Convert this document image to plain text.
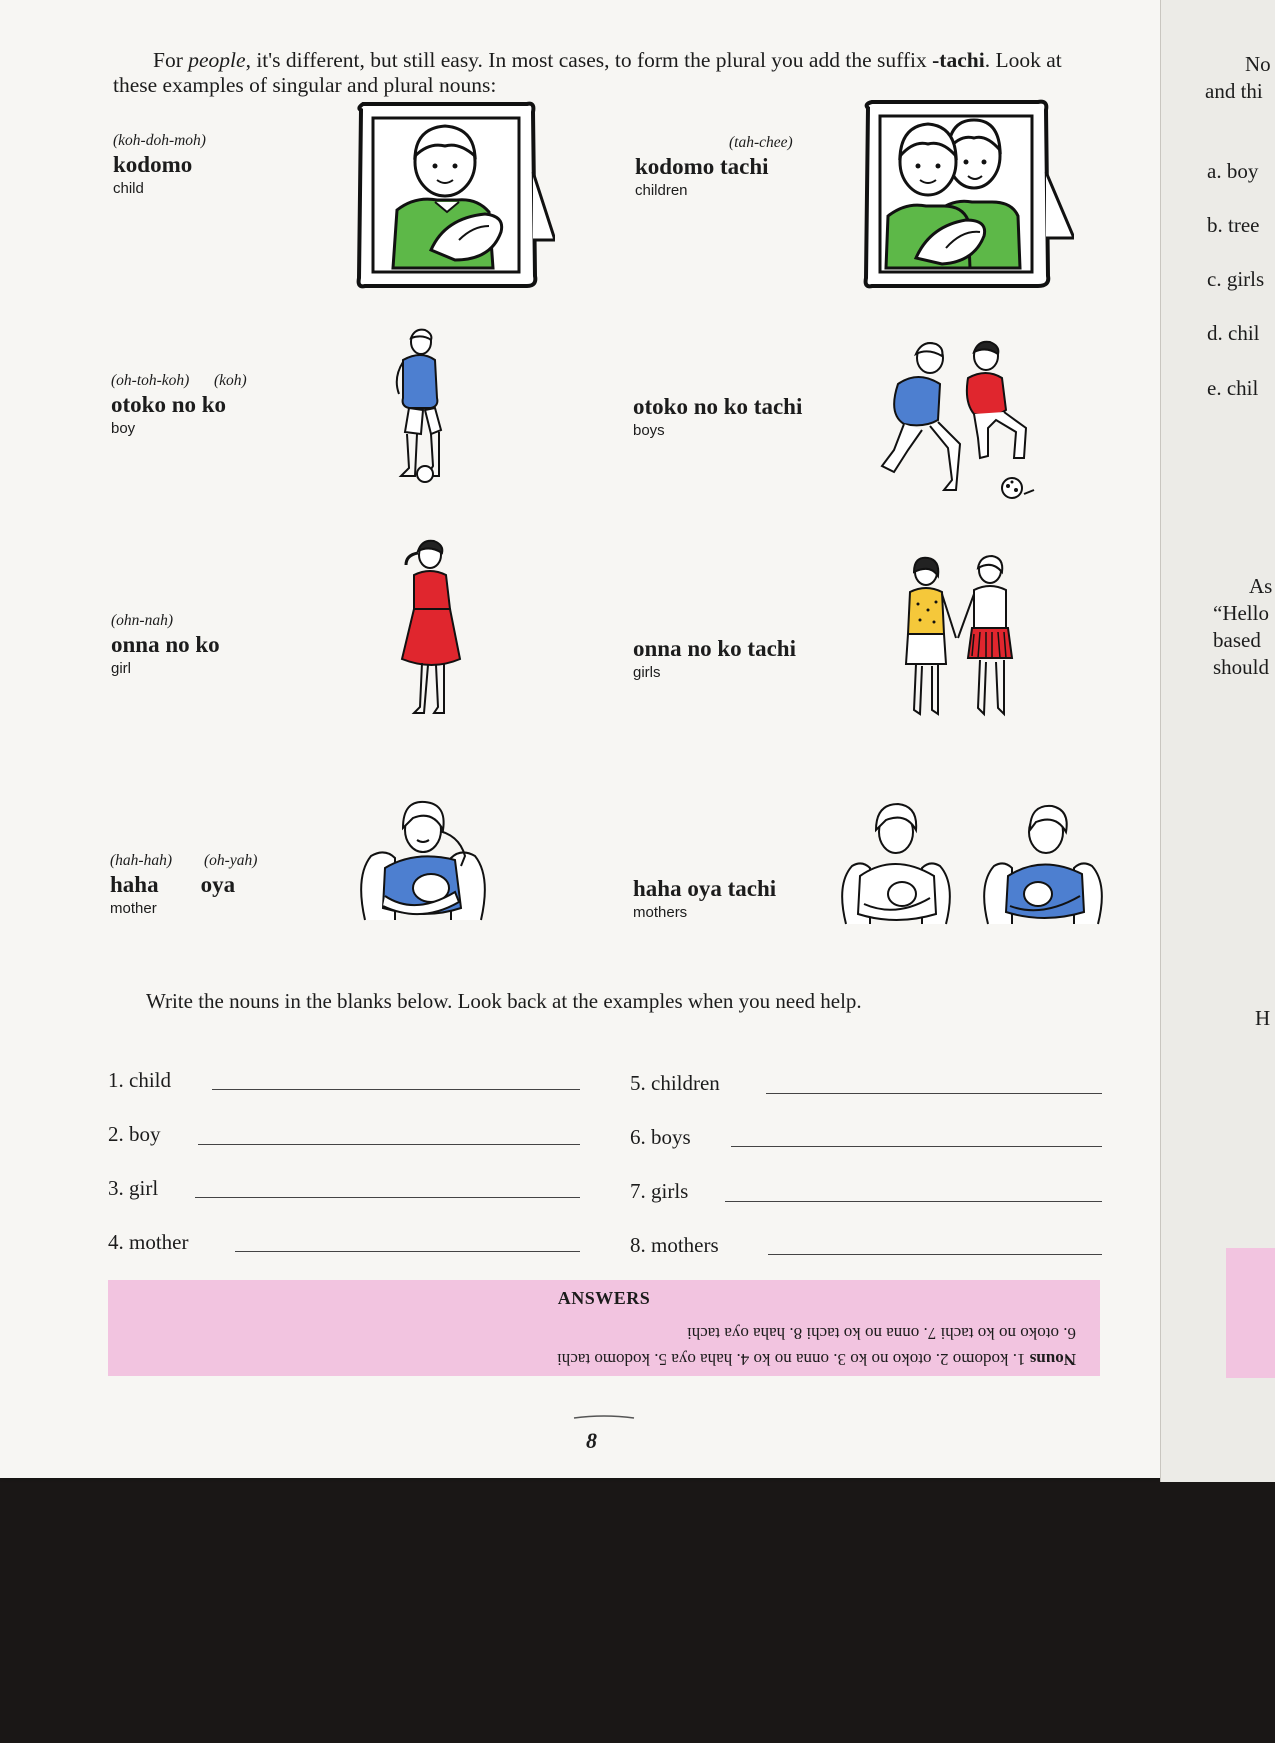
For people, it's different, but still easy. In most cases, to form the plural you add the suffix -tachi. Look at these examples of singular and plural nouns:

(koh-doh-moh)
kodomo
child
(tah-chee)
kodomo tachi
children
(oh-toh-koh) (koh)
otoko no ko
boy
otoko no ko tachi
boys
(ohn-nah)
onna no ko
girl
onna no ko tachi
girls
(hah-hah) (oh-yah)
haha oya
mother
haha oya tachi
mothers
Write the nouns in the blanks below. Look back at the examples when you need help.
1. child
2. boy
3. girl
4. mother
5. children
6. boys
7. girls
8. mothers
ANSWERS
Nouns 1. kodomo 2. otoko no ko 3. onna no ko 4. haha oya 5. kodomo tachi
6. otoko no ko tachi 7. onna no ko tachi 8. haha oya tachi
8
No
and thi
a. boy
b. tree
c. girls
d. chil
e. chil
As
“Hello
based
should
H
